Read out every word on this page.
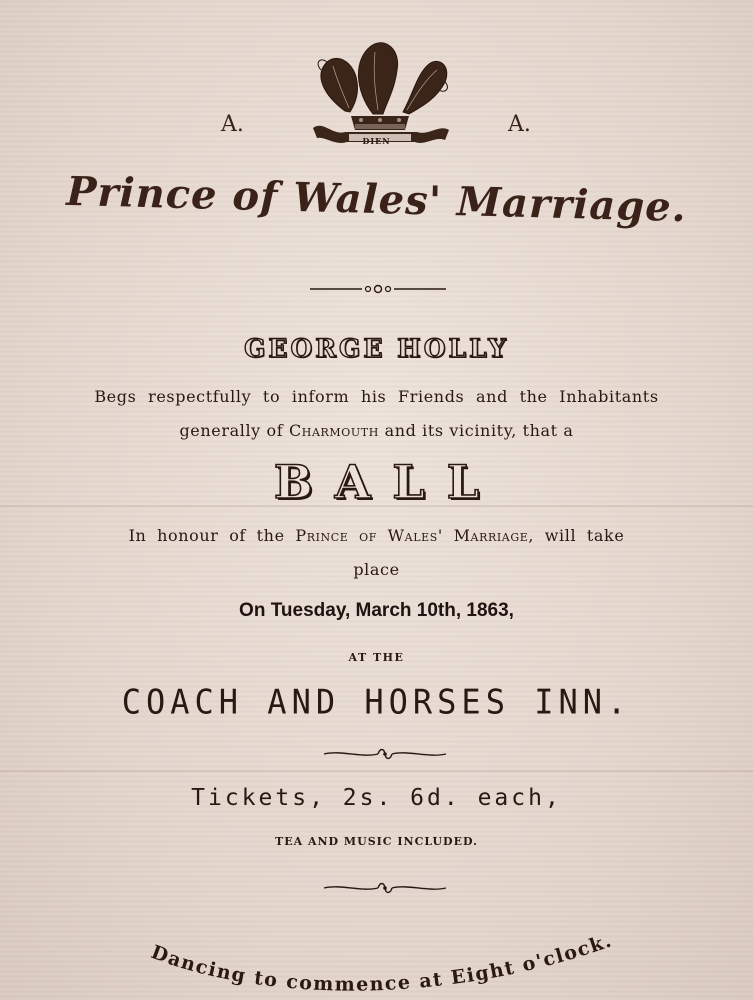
DIEN
A.	A.
Prince of Wales' Marriage.
GEORGE HOLLY
Begs respectfully to inform his Friends and the Inhabitants
generally of Charmouth and its vicinity, that a
BALL
In honour of the Prince of Wales' Marriage, will take
place
On Tuesday, March 10th, 1863,
AT THE
COACH AND HORSES INN.
Tickets, 2s. 6d. each,
TEA AND MUSIC INCLUDED.
Dancing to commence at Eight o'clock.
